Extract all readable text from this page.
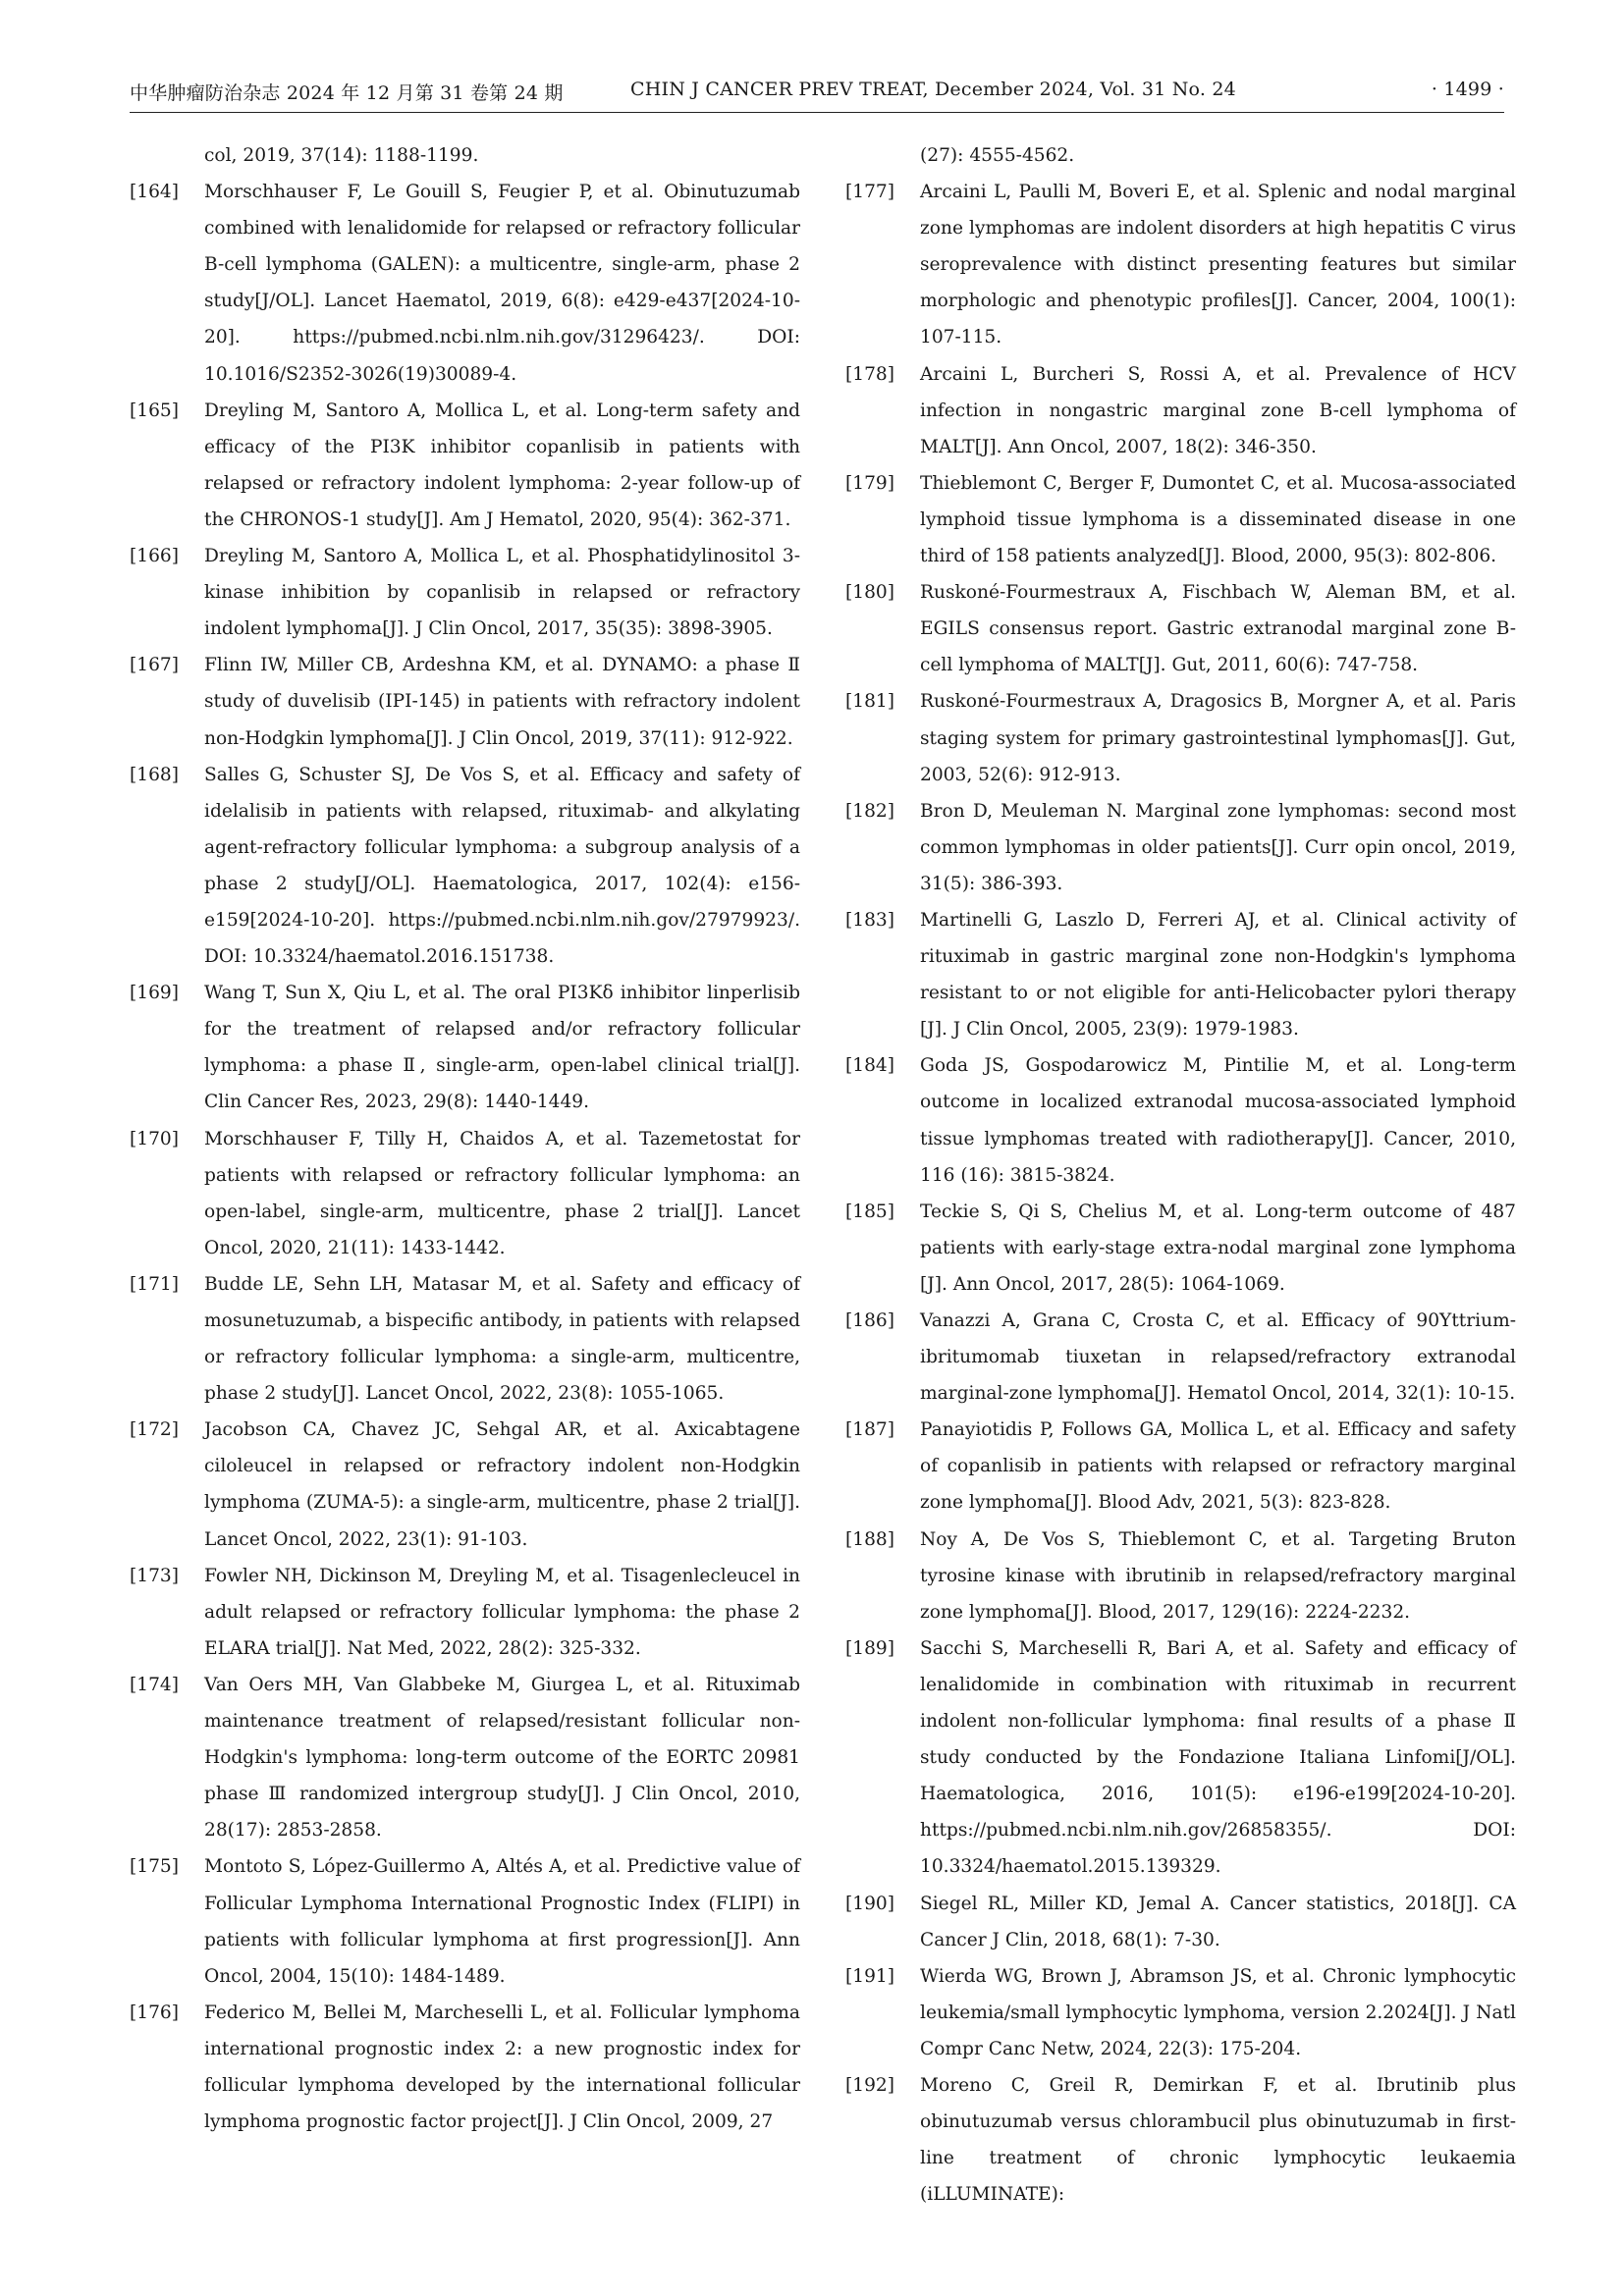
中华肿瘤防治杂志 2024 年 12 月第 31 卷第 24 期	CHIN J CANCER PREV TREAT, December 2024, Vol. 31 No. 24	· 1499 ·

col, 2019, 37(14): 1188-1199.

[164] Morschhauser F, Le Gouill S, Feugier P, et al. Obinutuzumab combined with lenalidomide for relapsed or refractory follicular B-cell lymphoma (GALEN): a multicentre, single-arm, phase 2 study[J/OL]. Lancet Haematol, 2019, 6(8): e429-e437[2024-10-20]. https://pubmed.ncbi.nlm.nih.gov/31296423/. DOI: 10.1016/S2352-3026(19)30089-4.

[165] Dreyling M, Santoro A, Mollica L, et al. Long-term safety and efficacy of the PI3K inhibitor copanlisib in patients with relapsed or refractory indolent lymphoma: 2-year follow-up of the CHRONOS-1 study[J]. Am J Hematol, 2020, 95(4): 362-371.

[166] Dreyling M, Santoro A, Mollica L, et al. Phosphatidylinositol 3-kinase inhibition by copanlisib in relapsed or refractory indolent lymphoma[J]. J Clin Oncol, 2017, 35(35): 3898-3905.

[167] Flinn IW, Miller CB, Ardeshna KM, et al. DYNAMO: a phase Ⅱ study of duvelisib (IPI-145) in patients with refractory indolent non-Hodgkin lymphoma[J]. J Clin Oncol, 2019, 37(11): 912-922.

[168] Salles G, Schuster SJ, De Vos S, et al. Efficacy and safety of idelalisib in patients with relapsed, rituximab- and alkylating agent-refractory follicular lymphoma: a subgroup analysis of a phase 2 study[J/OL]. Haematologica, 2017, 102(4): e156-e159[2024-10-20]. https://pubmed.ncbi.nlm.nih.gov/27979923/. DOI: 10.3324/haematol.2016.151738.

[169] Wang T, Sun X, Qiu L, et al. The oral PI3Kδ inhibitor linperlisib for the treatment of relapsed and/or refractory follicular lymphoma: a phase Ⅱ, single-arm, open-label clinical trial[J]. Clin Cancer Res, 2023, 29(8): 1440-1449.

[170] Morschhauser F, Tilly H, Chaidos A, et al. Tazemetostat for patients with relapsed or refractory follicular lymphoma: an open-label, single-arm, multicentre, phase 2 trial[J]. Lancet Oncol, 2020, 21(11): 1433-1442.

[171] Budde LE, Sehn LH, Matasar M, et al. Safety and efficacy of mosunetuzumab, a bispecific antibody, in patients with relapsed or refractory follicular lymphoma: a single-arm, multicentre, phase 2 study[J]. Lancet Oncol, 2022, 23(8): 1055-1065.

[172] Jacobson CA, Chavez JC, Sehgal AR, et al. Axicabtagene ciloleucel in relapsed or refractory indolent non-Hodgkin lymphoma (ZUMA-5): a single-arm, multicentre, phase 2 trial[J]. Lancet Oncol, 2022, 23(1): 91-103.

[173] Fowler NH, Dickinson M, Dreyling M, et al. Tisagenlecleucel in adult relapsed or refractory follicular lymphoma: the phase 2 ELARA trial[J]. Nat Med, 2022, 28(2): 325-332.

[174] Van Oers MH, Van Glabbeke M, Giurgea L, et al. Rituximab maintenance treatment of relapsed/resistant follicular non-Hodgkin's lymphoma: long-term outcome of the EORTC 20981 phase Ⅲ randomized intergroup study[J]. J Clin Oncol, 2010, 28(17): 2853-2858.

[175] Montoto S, López-Guillermo A, Altés A, et al. Predictive value of Follicular Lymphoma International Prognostic Index (FLIPI) in patients with follicular lymphoma at first progression[J]. Ann Oncol, 2004, 15(10): 1484-1489.

[176] Federico M, Bellei M, Marcheselli L, et al. Follicular lymphoma international prognostic index 2: a new prognostic index for follicular lymphoma developed by the international follicular lymphoma prognostic factor project[J]. J Clin Oncol, 2009, 27

(27): 4555-4562.

[177] Arcaini L, Paulli M, Boveri E, et al. Splenic and nodal marginal zone lymphomas are indolent disorders at high hepatitis C virus seroprevalence with distinct presenting features but similar morphologic and phenotypic profiles[J]. Cancer, 2004, 100(1): 107-115.

[178] Arcaini L, Burcheri S, Rossi A, et al. Prevalence of HCV infection in nongastric marginal zone B-cell lymphoma of MALT[J]. Ann Oncol, 2007, 18(2): 346-350.

[179] Thieblemont C, Berger F, Dumontet C, et al. Mucosa-associated lymphoid tissue lymphoma is a disseminated disease in one third of 158 patients analyzed[J]. Blood, 2000, 95(3): 802-806.

[180] Ruskoné-Fourmestraux A, Fischbach W, Aleman BM, et al. EGILS consensus report. Gastric extranodal marginal zone B-cell lymphoma of MALT[J]. Gut, 2011, 60(6): 747-758.

[181] Ruskoné-Fourmestraux A, Dragosics B, Morgner A, et al. Paris staging system for primary gastrointestinal lymphomas[J]. Gut, 2003, 52(6): 912-913.

[182] Bron D, Meuleman N. Marginal zone lymphomas: second most common lymphomas in older patients[J]. Curr opin oncol, 2019, 31(5): 386-393.

[183] Martinelli G, Laszlo D, Ferreri AJ, et al. Clinical activity of rituximab in gastric marginal zone non-Hodgkin's lymphoma resistant to or not eligible for anti-Helicobacter pylori therapy [J]. J Clin Oncol, 2005, 23(9): 1979-1983.

[184] Goda JS, Gospodarowicz M, Pintilie M, et al. Long-term outcome in localized extranodal mucosa-associated lymphoid tissue lymphomas treated with radiotherapy[J]. Cancer, 2010, 116 (16): 3815-3824.

[185] Teckie S, Qi S, Chelius M, et al. Long-term outcome of 487 patients with early-stage extra-nodal marginal zone lymphoma [J]. Ann Oncol, 2017, 28(5): 1064-1069.

[186] Vanazzi A, Grana C, Crosta C, et al. Efficacy of 90Yttrium-ibritumomab tiuxetan in relapsed/refractory extranodal marginal-zone lymphoma[J]. Hematol Oncol, 2014, 32(1): 10-15.

[187] Panayiotidis P, Follows GA, Mollica L, et al. Efficacy and safety of copanlisib in patients with relapsed or refractory marginal zone lymphoma[J]. Blood Adv, 2021, 5(3): 823-828.

[188] Noy A, De Vos S, Thieblemont C, et al. Targeting Bruton tyrosine kinase with ibrutinib in relapsed/refractory marginal zone lymphoma[J]. Blood, 2017, 129(16): 2224-2232.

[189] Sacchi S, Marcheselli R, Bari A, et al. Safety and efficacy of lenalidomide in combination with rituximab in recurrent indolent non-follicular lymphoma: final results of a phase Ⅱ study conducted by the Fondazione Italiana Linfomi[J/OL]. Haematologica, 2016, 101(5): e196-e199[2024-10-20]. https://pubmed.ncbi.nlm.nih.gov/26858355/. DOI: 10.3324/haematol.2015.139329.

[190] Siegel RL, Miller KD, Jemal A. Cancer statistics, 2018[J]. CA Cancer J Clin, 2018, 68(1): 7-30.

[191] Wierda WG, Brown J, Abramson JS, et al. Chronic lymphocytic leukemia/small lymphocytic lymphoma, version 2.2024[J]. J Natl Compr Canc Netw, 2024, 22(3): 175-204.

[192] Moreno C, Greil R, Demirkan F, et al. Ibrutinib plus obinutuzumab versus chlorambucil plus obinutuzumab in first-line treatment of chronic lymphocytic leukaemia (iLLUMINATE):
